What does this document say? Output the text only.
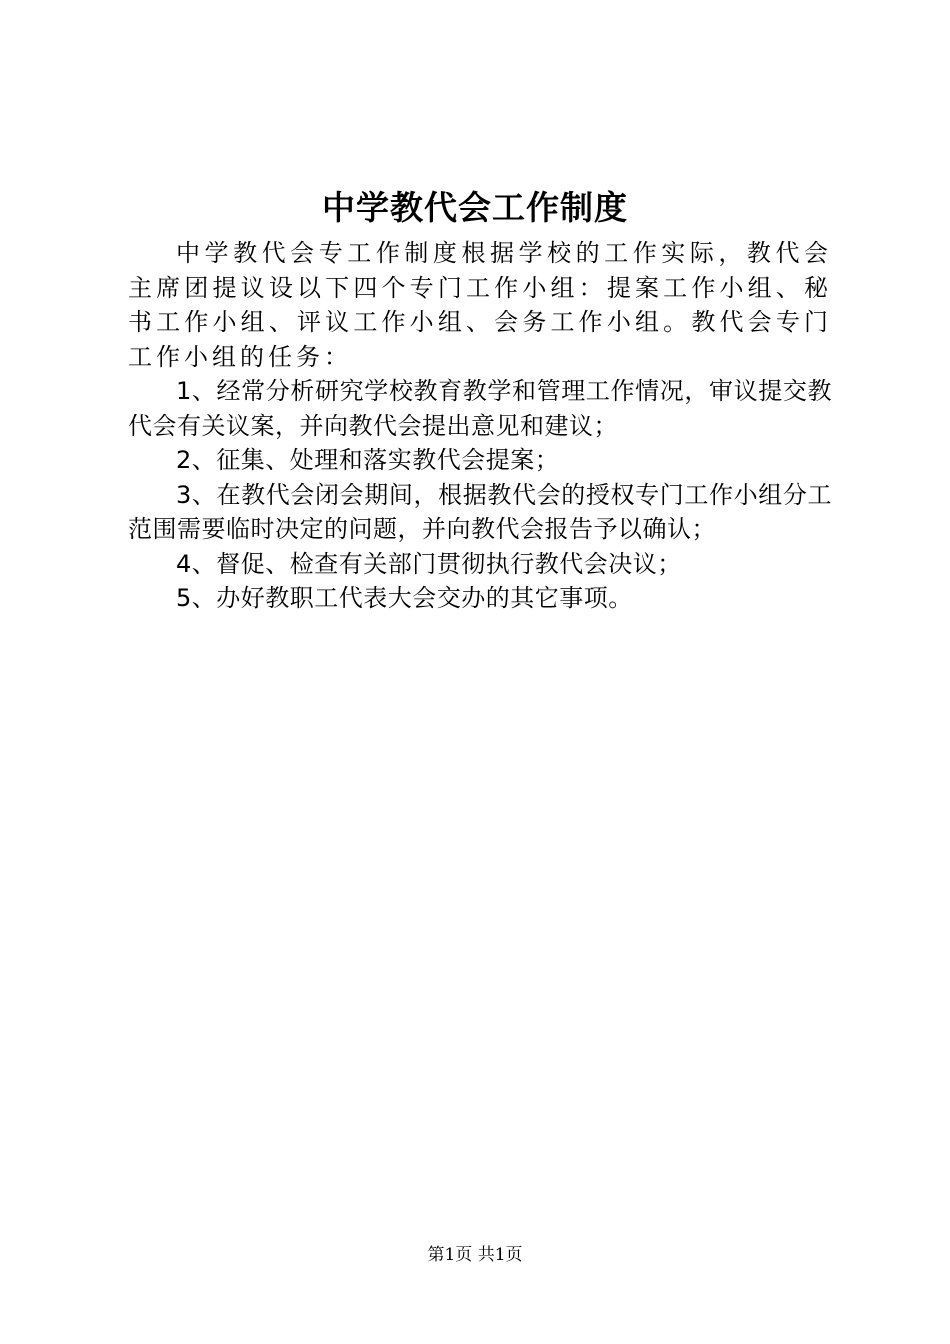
中学教代会工作制度

中学教代会专工作制度根据学校的工作实际，教代会主席团提议设以下四个专门工作小组：提案工作小组、秘书工作小组、评议工作小组、会务工作小组。教代会专门工作小组的任务：

1、经常分析研究学校教育教学和管理工作情况，审议提交教代会有关议案，并向教代会提出意见和建议；

2、征集、处理和落实教代会提案；

3、在教代会闭会期间，根据教代会的授权专门工作小组分工范围需要临时决定的问题，并向教代会报告予以确认；

4、督促、检查有关部门贯彻执行教代会决议；

5、办好教职工代表大会交办的其它事项。

第1页 共1页
